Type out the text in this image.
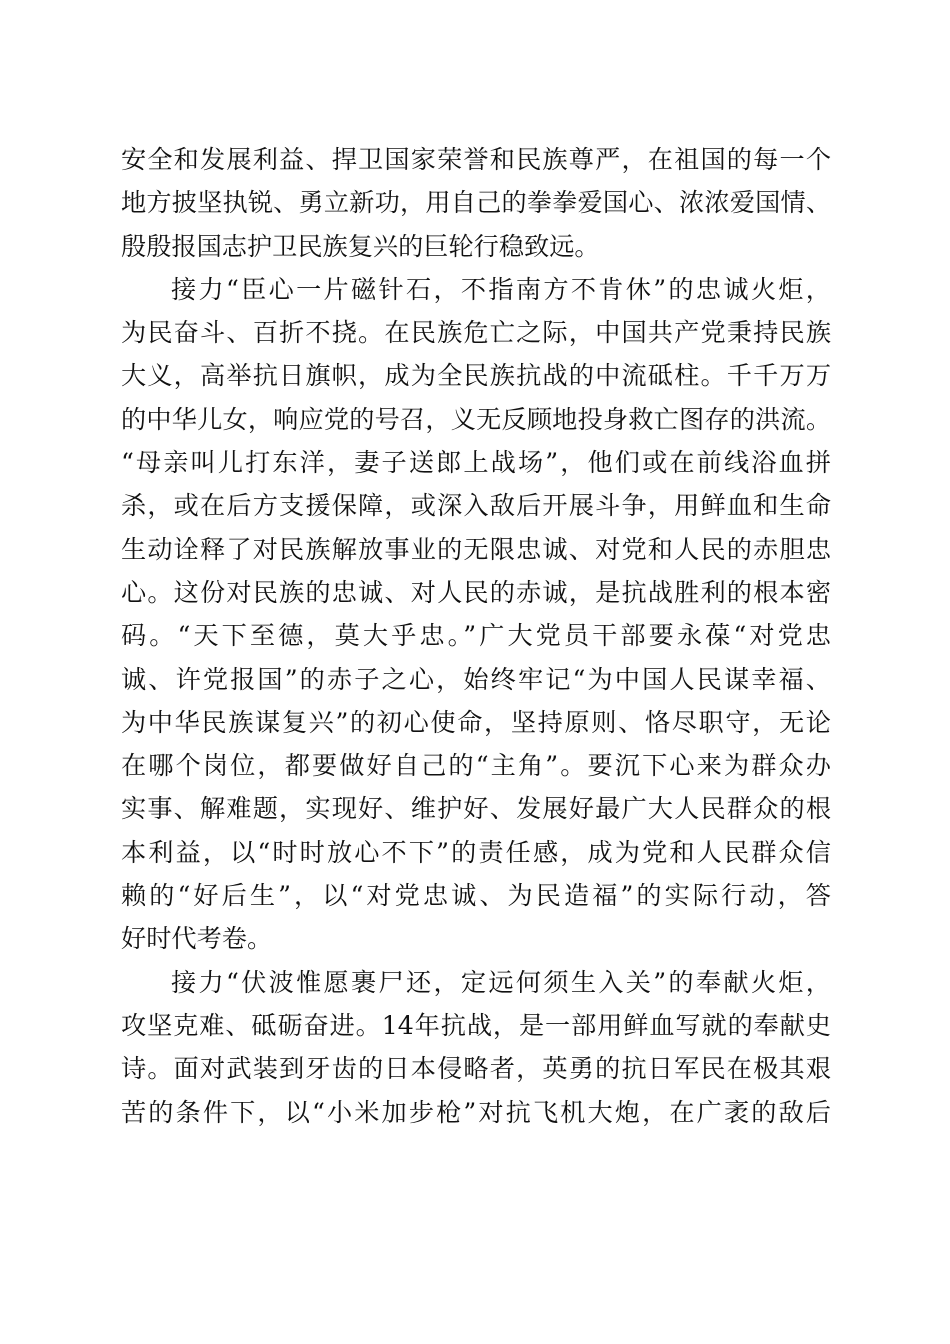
安全和发展利益、捍卫国家荣誉和民族尊严，在祖国的每一个
地方披坚执锐、勇立新功，用自己的拳拳爱国心、浓浓爱国情、
殷殷报国志护卫民族复兴的巨轮行稳致远。
接力“臣心一片磁针石，不指南方不肯休”的忠诚火炬，
为民奋斗、百折不挠。在民族危亡之际，中国共产党秉持民族
大义，高举抗日旗帜，成为全民族抗战的中流砥柱。千千万万
的中华儿女，响应党的号召，义无反顾地投身救亡图存的洪流。
“母亲叫儿打东洋，妻子送郎上战场”，他们或在前线浴血拼
杀，或在后方支援保障，或深入敌后开展斗争，用鲜血和生命
生动诠释了对民族解放事业的无限忠诚、对党和人民的赤胆忠
心。这份对民族的忠诚、对人民的赤诚，是抗战胜利的根本密
码。“天下至德，莫大乎忠。”广大党员干部要永葆“对党忠
诚、许党报国”的赤子之心，始终牢记“为中国人民谋幸福、
为中华民族谋复兴”的初心使命，坚持原则、恪尽职守，无论
在哪个岗位，都要做好自己的“主角”。要沉下心来为群众办
实事、解难题，实现好、维护好、发展好最广大人民群众的根
本利益，以“时时放心不下”的责任感，成为党和人民群众信
赖的“好后生”，以“对党忠诚、为民造福”的实际行动，答
好时代考卷。
接力“伏波惟愿裹尸还，定远何须生入关”的奉献火炬，
攻坚克难、砥砺奋进。14年抗战，是一部用鲜血写就的奉献史
诗。面对武装到牙齿的日本侵略者，英勇的抗日军民在极其艰
苦的条件下，以“小米加步枪”对抗飞机大炮，在广袤的敌后
